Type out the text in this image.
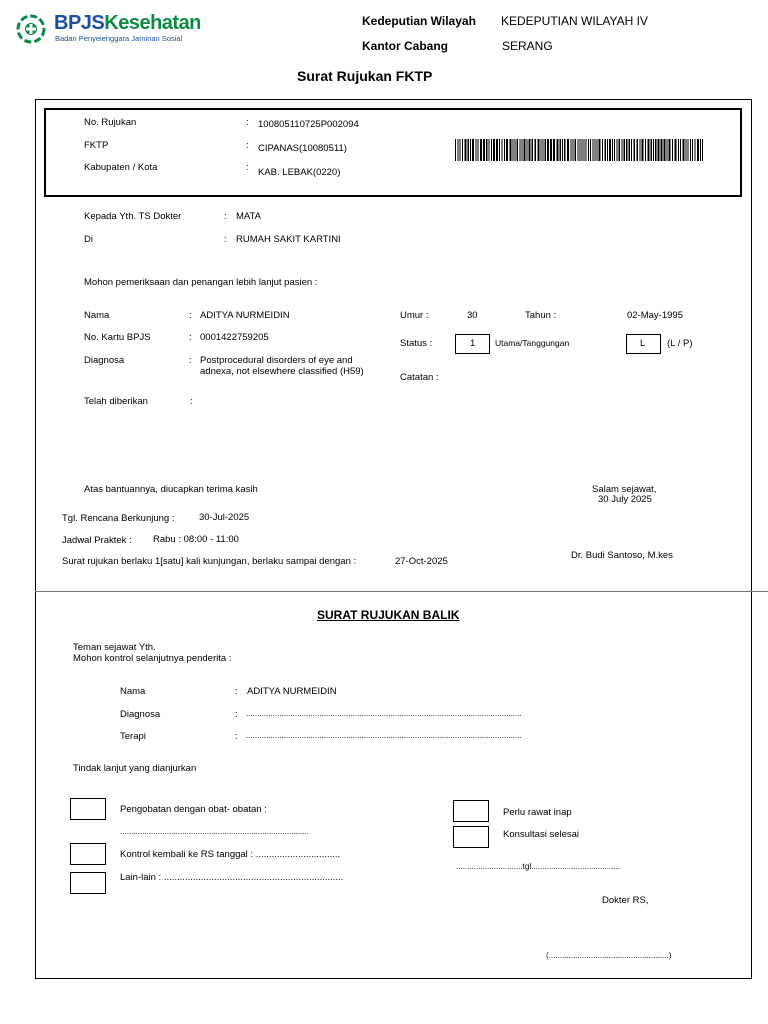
BPJSKesehatan
Badan Penyelenggara Jaminan Sosial
Kedeputian Wilayah KEDEPUTIAN WILAYAH IV
Kantor Cabang	SERANG
Surat Rujukan FKTP
No. Rujukan	: 100805110725P002094
FKTP	: CIPANAS(10080511)
Kabupaten / Kota	: KAB. LEBAK(0220)
Kepada Yth. TS Dokter	: MATA
Di	: RUMAH SAKIT KARTINI
Mohon pemeriksaan dan penangan lebih lanjut pasien :
Nama	: ADITYA NURMEIDIN
No. Kartu BPJS	: 0001422759205
Diagnosa	: Postprocedural disorders of eye and
adnexa, not elsewhere classified (H59)
Telah diberikan	:
Umur :	30	Tahun :	02-May-1995
Status :	1 Utama/Tanggungan	L (L / P)
Catatan :
Atas bantuannya, diucapkan terima kasih	Salam sejawat,
30 July 2025
Tgl. Rencana Berkunjung :	30-Jul-2025
Jadwal Praktek : Rabu : 08:00 - 11:00
Surat rujukan berlaku 1[satu] kali kunjungan, berlaku sampai dengan :	27-Oct-2025
Dr. Budi Santoso, M.kes
SURAT RUJUKAN BALIK
Teman sejawat Yth.
Mohon kontrol selanjutnya penderita :
Nama	: ADITYA NURMEIDIN
Diagnosa	: ............................................................................................................................
Terapi	: ............................................................................................................................
Tindak lanjut yang dianjurkan
Pengobatan dengan obat- obatan :
.....................................................................................
Kontrol kembali ke RS tanggal : ................................
Lain-lain : ....................................................................
Perlu rawat inap
Konsultasi selesai
..............................tgl........................................
Dokter RS,
(......................................................)
